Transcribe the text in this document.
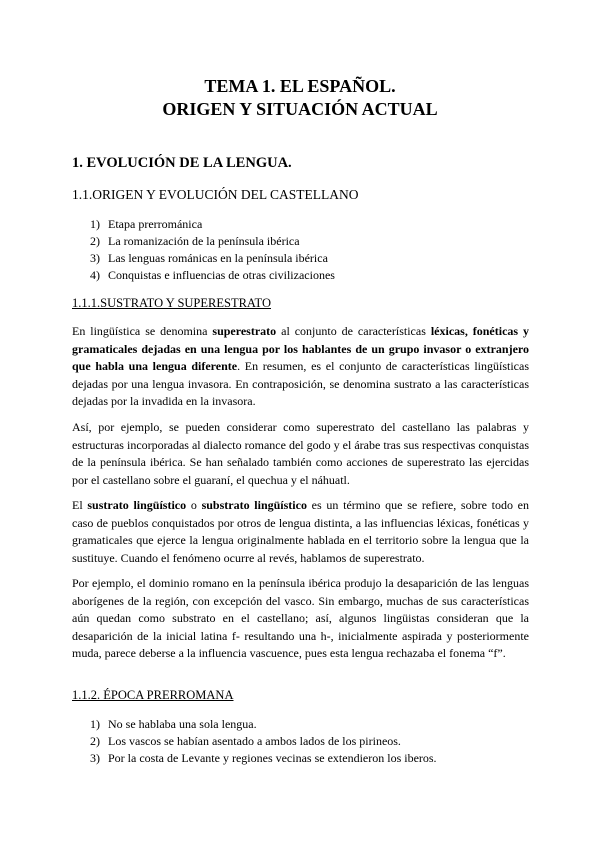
TEMA 1. EL ESPAÑOL.
ORIGEN Y SITUACIÓN ACTUAL
1. EVOLUCIÓN DE LA LENGUA.
1.1.ORIGEN Y EVOLUCIÓN DEL CASTELLANO
1) Etapa prerrománica
2) La romanización de la península ibérica
3) Las lenguas románicas en la península ibérica
4) Conquistas e influencias de otras civilizaciones
1.1.1.SUSTRATO Y SUPERESTRATO
En lingüística se denomina superestrato al conjunto de características léxicas, fonéticas y gramaticales dejadas en una lengua por los hablantes de un grupo invasor o extranjero que habla una lengua diferente. En resumen, es el conjunto de características lingüísticas dejadas por una lengua invasora. En contraposición, se denomina sustrato a las características dejadas por la invadida en la invasora.
Así, por ejemplo, se pueden considerar como superestrato del castellano las palabras y estructuras incorporadas al dialecto romance del godo y el árabe tras sus respectivas conquistas de la península ibérica. Se han señalado también como acciones de superestrato las ejercidas por el castellano sobre el guaraní, el quechua y el náhuatl.
El sustrato lingüístico o substrato lingüístico es un término que se refiere, sobre todo en caso de pueblos conquistados por otros de lengua distinta, a las influencias léxicas, fonéticas y gramaticales que ejerce la lengua originalmente hablada en el territorio sobre la lengua que la sustituye. Cuando el fenómeno ocurre al revés, hablamos de superestrato.
Por ejemplo, el dominio romano en la península ibérica produjo la desaparición de las lenguas aborígenes de la región, con excepción del vasco. Sin embargo, muchas de sus características aún quedan como substrato en el castellano; así, algunos lingüistas consideran que la desaparición de la inicial latina f- resultando una h-, inicialmente aspirada y posteriormente muda, parece deberse a la influencia vascuence, pues esta lengua rechazaba el fonema “f”.
1.1.2. ÉPOCA PRERROMANA
1) No se hablaba una sola lengua.
2) Los vascos se habían asentado a ambos lados de los pirineos.
3) Por la costa de Levante y regiones vecinas se extendieron los iberos.
